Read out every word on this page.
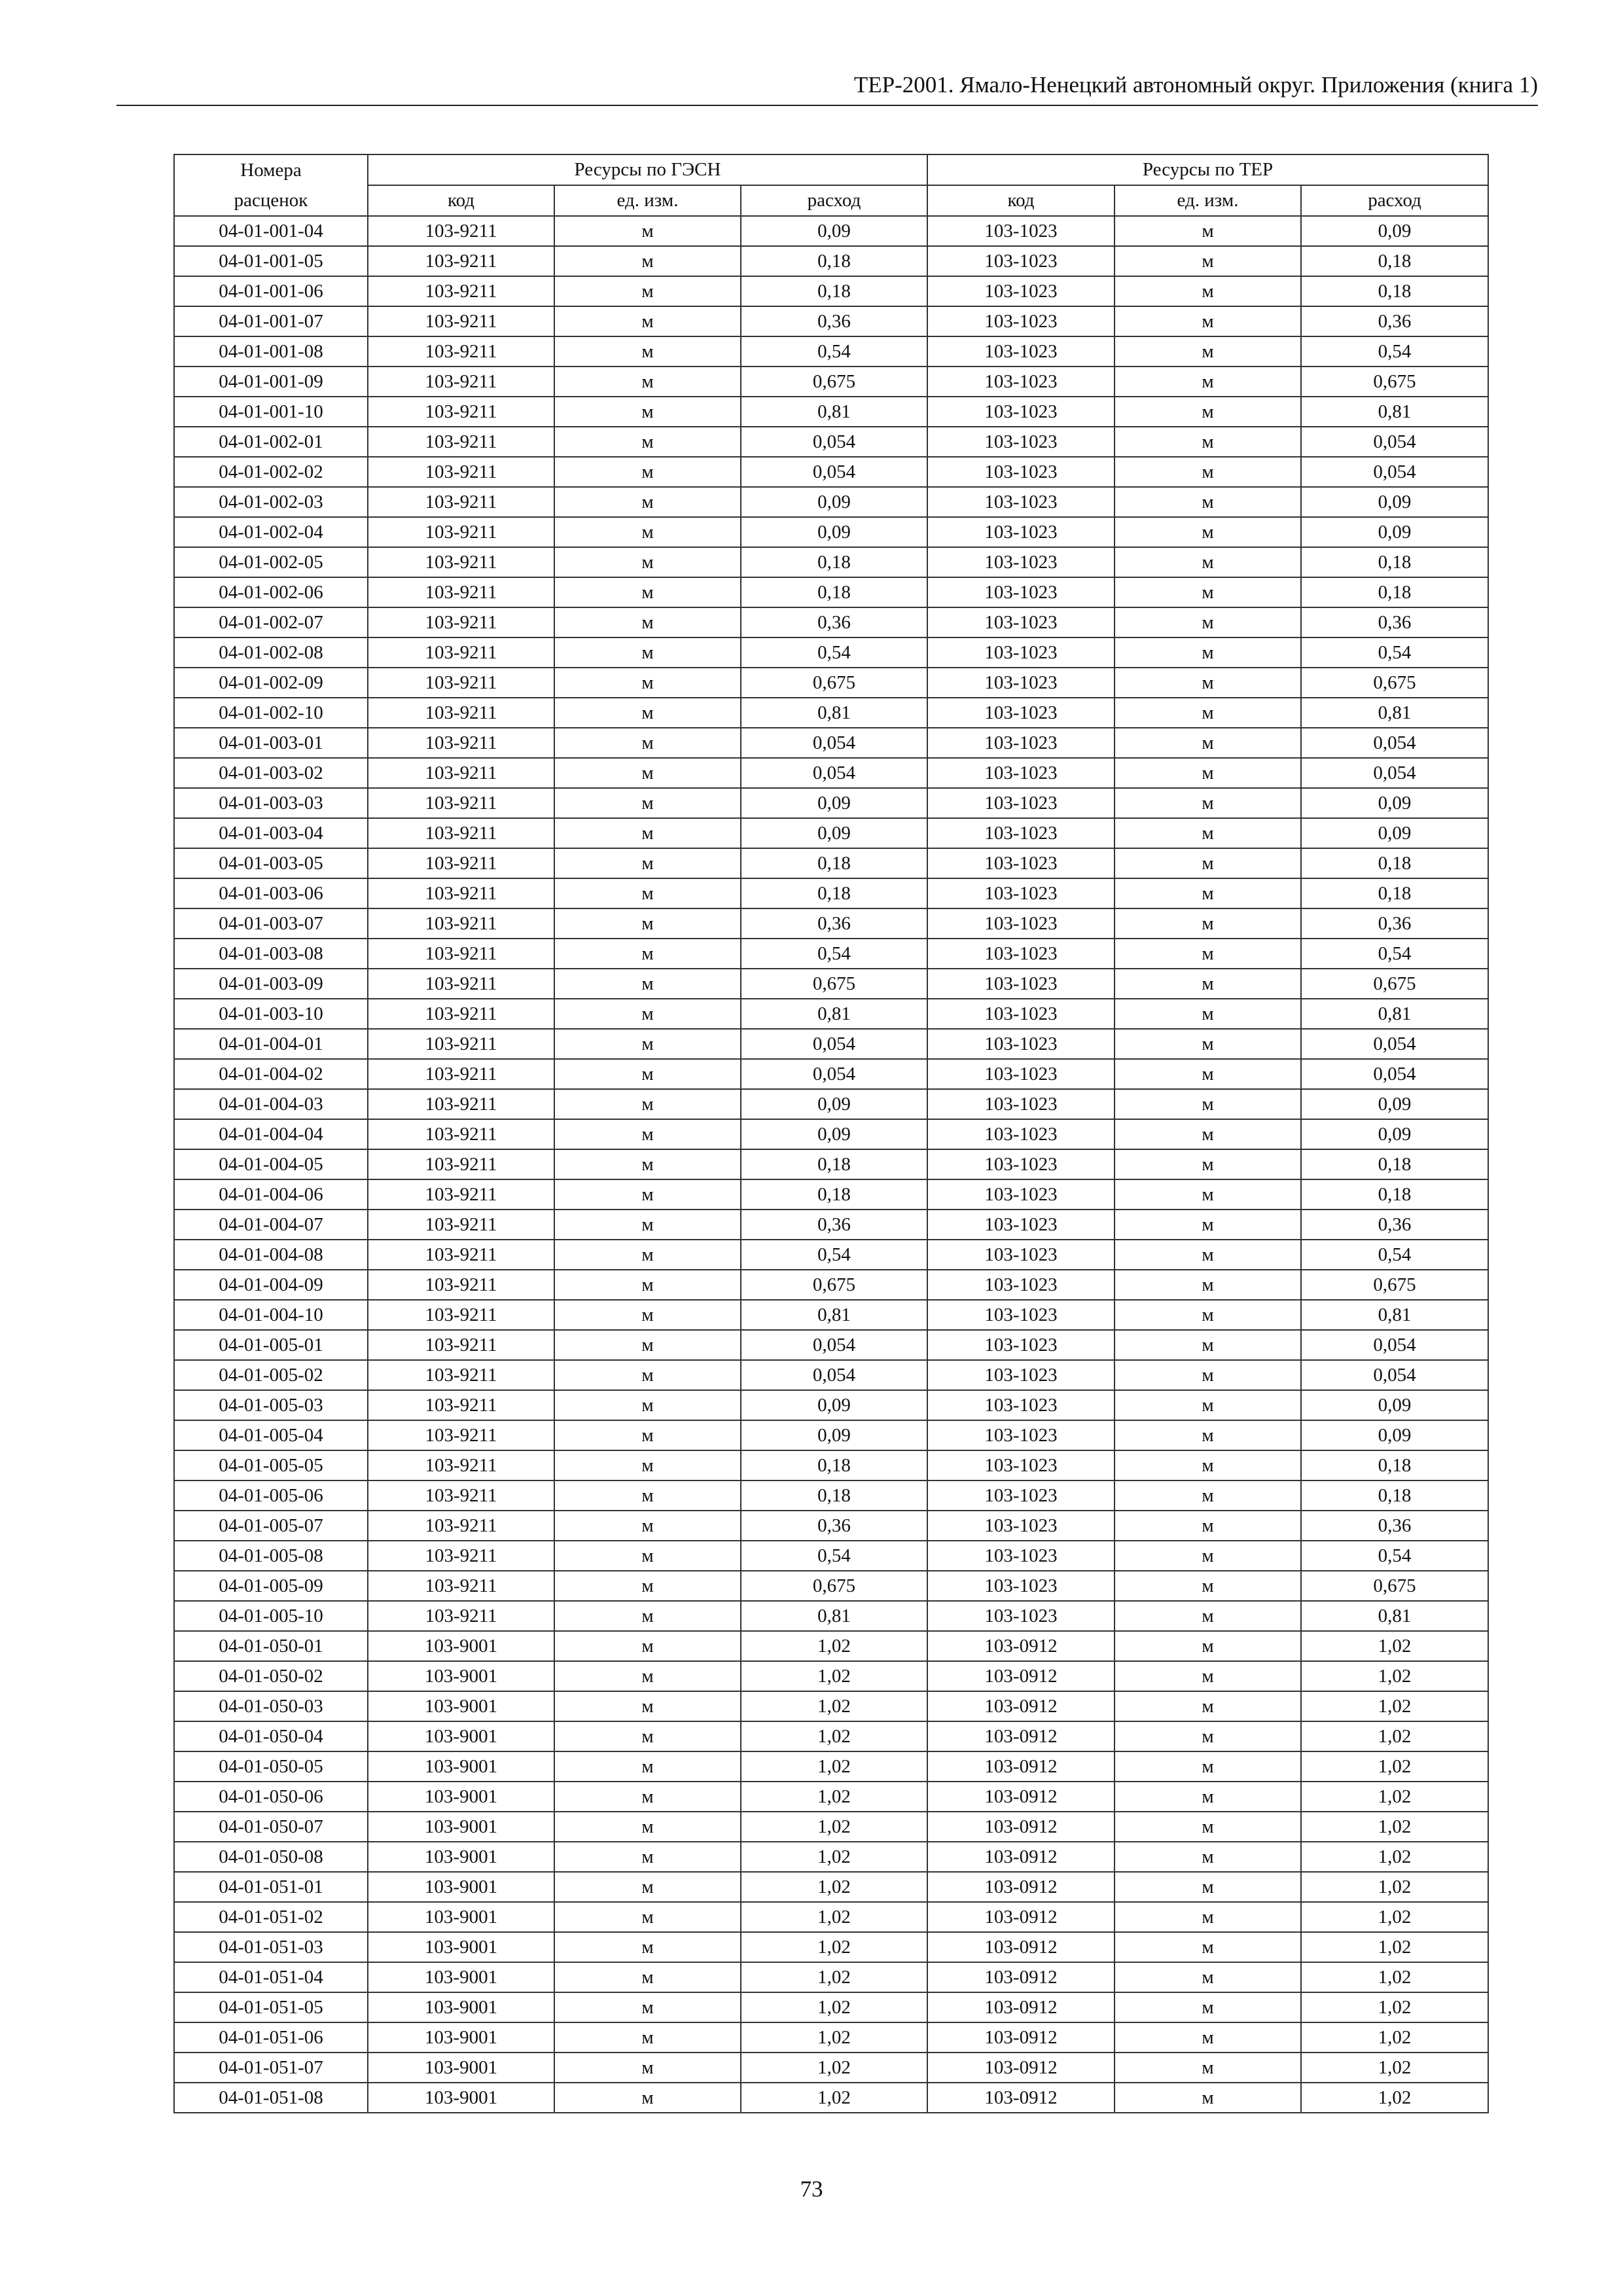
ТЕР-2001. Ямало-Ненецкий автономный округ. Приложения (книга 1)
Номера	Ресурсы по ГЭСН			Ресурсы по ТЕР		
расценок	код	ед. изм.	расход	код	ед. изм.	расход
04-01-001-04	103-9211	м	0,09	103-1023	м	0,09
04-01-001-05	103-9211	м	0,18	103-1023	м	0,18
04-01-001-06	103-9211	м	0,18	103-1023	м	0,18
04-01-001-07	103-9211	м	0,36	103-1023	м	0,36
04-01-001-08	103-9211	м	0,54	103-1023	м	0,54
04-01-001-09	103-9211	м	0,675	103-1023	м	0,675
04-01-001-10	103-9211	м	0,81	103-1023	м	0,81
04-01-002-01	103-9211	м	0,054	103-1023	м	0,054
04-01-002-02	103-9211	м	0,054	103-1023	м	0,054
04-01-002-03	103-9211	м	0,09	103-1023	м	0,09
04-01-002-04	103-9211	м	0,09	103-1023	м	0,09
04-01-002-05	103-9211	м	0,18	103-1023	м	0,18
04-01-002-06	103-9211	м	0,18	103-1023	м	0,18
04-01-002-07	103-9211	м	0,36	103-1023	м	0,36
04-01-002-08	103-9211	м	0,54	103-1023	м	0,54
04-01-002-09	103-9211	м	0,675	103-1023	м	0,675
04-01-002-10	103-9211	м	0,81	103-1023	м	0,81
04-01-003-01	103-9211	м	0,054	103-1023	м	0,054
04-01-003-02	103-9211	м	0,054	103-1023	м	0,054
04-01-003-03	103-9211	м	0,09	103-1023	м	0,09
04-01-003-04	103-9211	м	0,09	103-1023	м	0,09
04-01-003-05	103-9211	м	0,18	103-1023	м	0,18
04-01-003-06	103-9211	м	0,18	103-1023	м	0,18
04-01-003-07	103-9211	м	0,36	103-1023	м	0,36
04-01-003-08	103-9211	м	0,54	103-1023	м	0,54
04-01-003-09	103-9211	м	0,675	103-1023	м	0,675
04-01-003-10	103-9211	м	0,81	103-1023	м	0,81
04-01-004-01	103-9211	м	0,054	103-1023	м	0,054
04-01-004-02	103-9211	м	0,054	103-1023	м	0,054
04-01-004-03	103-9211	м	0,09	103-1023	м	0,09
04-01-004-04	103-9211	м	0,09	103-1023	м	0,09
04-01-004-05	103-9211	м	0,18	103-1023	м	0,18
04-01-004-06	103-9211	м	0,18	103-1023	м	0,18
04-01-004-07	103-9211	м	0,36	103-1023	м	0,36
04-01-004-08	103-9211	м	0,54	103-1023	м	0,54
04-01-004-09	103-9211	м	0,675	103-1023	м	0,675
04-01-004-10	103-9211	м	0,81	103-1023	м	0,81
04-01-005-01	103-9211	м	0,054	103-1023	м	0,054
04-01-005-02	103-9211	м	0,054	103-1023	м	0,054
04-01-005-03	103-9211	м	0,09	103-1023	м	0,09
04-01-005-04	103-9211	м	0,09	103-1023	м	0,09
04-01-005-05	103-9211	м	0,18	103-1023	м	0,18
04-01-005-06	103-9211	м	0,18	103-1023	м	0,18
04-01-005-07	103-9211	м	0,36	103-1023	м	0,36
04-01-005-08	103-9211	м	0,54	103-1023	м	0,54
04-01-005-09	103-9211	м	0,675	103-1023	м	0,675
04-01-005-10	103-9211	м	0,81	103-1023	м	0,81
04-01-050-01	103-9001	м	1,02	103-0912	м	1,02
04-01-050-02	103-9001	м	1,02	103-0912	м	1,02
04-01-050-03	103-9001	м	1,02	103-0912	м	1,02
04-01-050-04	103-9001	м	1,02	103-0912	м	1,02
04-01-050-05	103-9001	м	1,02	103-0912	м	1,02
04-01-050-06	103-9001	м	1,02	103-0912	м	1,02
04-01-050-07	103-9001	м	1,02	103-0912	м	1,02
04-01-050-08	103-9001	м	1,02	103-0912	м	1,02
04-01-051-01	103-9001	м	1,02	103-0912	м	1,02
04-01-051-02	103-9001	м	1,02	103-0912	м	1,02
04-01-051-03	103-9001	м	1,02	103-0912	м	1,02
04-01-051-04	103-9001	м	1,02	103-0912	м	1,02
04-01-051-05	103-9001	м	1,02	103-0912	м	1,02
04-01-051-06	103-9001	м	1,02	103-0912	м	1,02
04-01-051-07	103-9001	м	1,02	103-0912	м	1,02
04-01-051-08	103-9001	м	1,02	103-0912	м	1,02
73
